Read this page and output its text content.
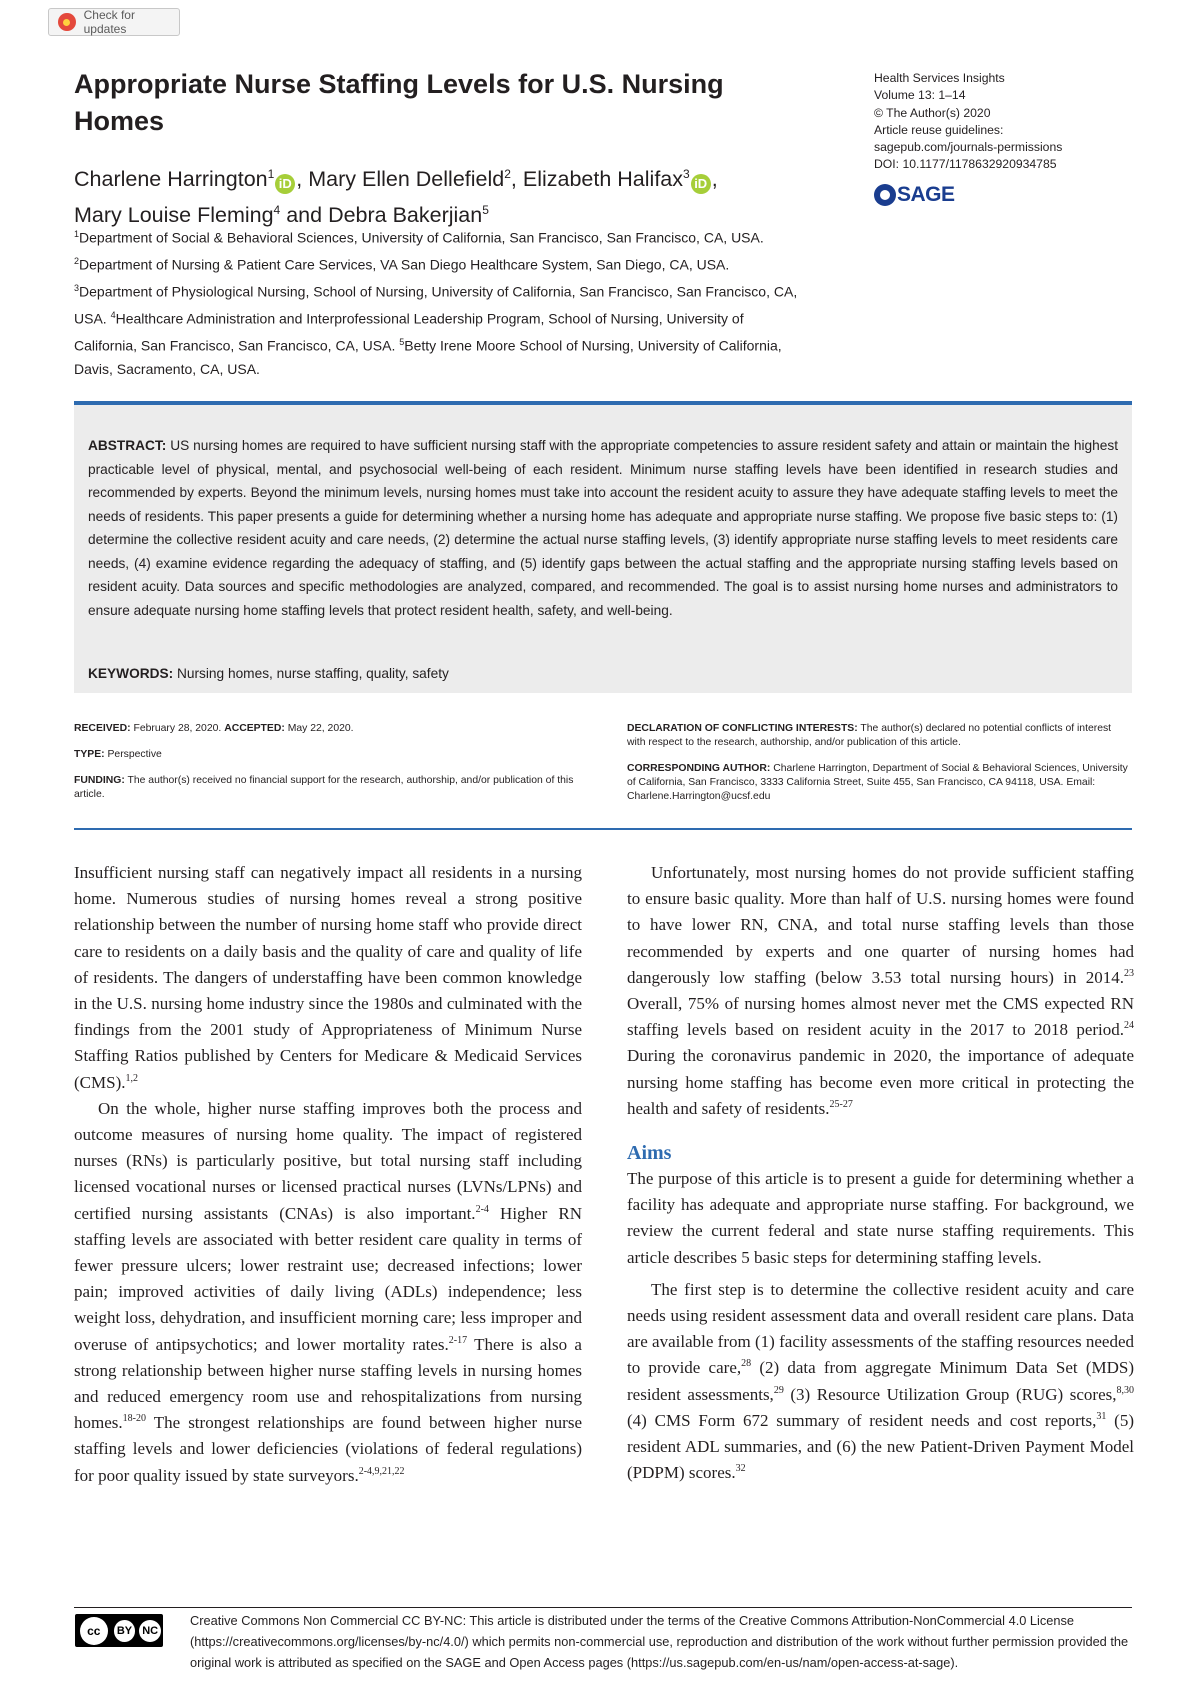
Check for updates
Appropriate Nurse Staffing Levels for U.S. Nursing Homes
Charlene Harrington$^1$iD , Mary Ellen Dellefield$^2$, Elizabeth Halifax$^3$iD ,
Mary Louise Fleming$^4$ and Debra Bakerjian$^5$
$^1$Department of Social & Behavioral Sciences, University of California, San Francisco, San Francisco, CA, USA. $^2$Department of Nursing & Patient Care Services, VA San Diego Healthcare System, San Diego, CA, USA. $^3$Department of Physiological Nursing, School of Nursing, University of California, San Francisco, San Francisco, CA, USA. $^4$Healthcare Administration and Interprofessional Leadership Program, School of Nursing, University of California, San Francisco, San Francisco, CA, USA. $^5$Betty Irene Moore School of Nursing, University of California, Davis, Sacramento, CA, USA.
Health Services Insights
Volume 13: 1–14
© The Author(s) 2020
Article reuse guidelines:
sagepub.com/journals-permissions
DOI: 10.1177/1178632920934785
SAGE
ABSTRACT: US nursing homes are required to have sufficient nursing staff with the appropriate competencies to assure resident safety and attain or maintain the highest practicable level of physical, mental, and psychosocial well-being of each resident. Minimum nurse staffing levels have been identified in research studies and recommended by experts. Beyond the minimum levels, nursing homes must take into account the resident acuity to assure they have adequate staffing levels to meet the needs of residents. This paper presents a guide for determining whether a nursing home has adequate and appropriate nurse staffing. We propose five basic steps to: (1) determine the collective resident acuity and care needs, (2) determine the actual nurse staffing levels, (3) identify appropriate nurse staffing levels to meet residents care needs, (4) examine evidence regarding the adequacy of staffing, and (5) identify gaps between the actual staffing and the appropriate nursing staffing levels based on resident acuity. Data sources and specific methodologies are analyzed, compared, and recommended. The goal is to assist nursing home nurses and administrators to ensure adequate nursing home staffing levels that protect resident health, safety, and well-being.
KEYWORDS: Nursing homes, nurse staffing, quality, safety
RECEIVED: February 28, 2020. ACCEPTED: May 22, 2020.
TYPE: Perspective
FUNDING: The author(s) received no financial support for the research, authorship, and/or publication of this article.
DECLARATION OF CONFLICTING INTERESTS: The author(s) declared no potential conflicts of interest with respect to the research, authorship, and/or publication of this article.
CORRESPONDING AUTHOR: Charlene Harrington, Department of Social & Behavioral Sciences, University of California, San Francisco, 3333 California Street, Suite 455, San Francisco, CA 94118, USA. Email: Charlene.Harrington@ucsf.edu

Insufficient nursing staff can negatively impact all residents in a nursing home. Numerous studies of nursing homes reveal a strong positive relationship between the number of nursing home staff who provide direct care to residents on a daily basis and the quality of care and quality of life of residents. The dangers of understaffing have been common knowledge in the U.S. nursing home industry since the 1980s and culminated with the findings from the 2001 study of Appropriateness of Minimum Nurse Staffing Ratios published by Centers for Medicare & Medicaid Services (CMS).$^{1,2}$

On the whole, higher nurse staffing improves both the process and outcome measures of nursing home quality. The impact of registered nurses (RNs) is particularly positive, but total nursing staff including licensed vocational nurses or licensed practical nurses (LVNs/LPNs) and certified nursing assistants (CNAs) is also important.$^{2-4}$ Higher RN staffing levels are associated with better resident care quality in terms of fewer pressure ulcers; lower restraint use; decreased infections; lower pain; improved activities of daily living (ADLs) independence; less weight loss, dehydration, and insufficient morning care; less improper and overuse of antipsychotics; and lower mortality rates.$^{2-17}$ There is also a strong relationship between higher nurse staffing levels in nursing homes and reduced emergency room use and rehospitalizations from nursing homes.$^{18-20}$ The strongest relationships are found between higher nurse staffing levels and lower deficiencies (violations of federal regulations) for poor quality issued by state surveyors.$^{2-4,9,21,22}$

Unfortunately, most nursing homes do not provide sufficient staffing to ensure basic quality. More than half of U.S. nursing homes were found to have lower RN, CNA, and total nurse staffing levels than those recommended by experts and one quarter of nursing homes had dangerously low staffing (below 3.53 total nursing hours) in 2014.23 Overall, 75% of nursing homes almost never met the CMS expected RN staffing levels based on resident acuity in the 2017 to 2018 period.$^{24}$ During the coronavirus pandemic in 2020, the importance of adequate nursing home staffing has become even more critical in protecting the health and safety of residents.$^{25-27}$

Aims

The purpose of this article is to present a guide for determining whether a facility has adequate and appropriate nurse staffing. For background, we review the current federal and state nurse staffing requirements. This article describes 5 basic steps for determining staffing levels.

The first step is to determine the collective resident acuity and care needs using resident assessment data and overall resident care plans. Data are available from (1) facility assessments of the staffing resources needed to provide care,$^{28}$ (2) data from aggregate Minimum Data Set (MDS) resident assessments,$^{29}$ (3) Resource Utilization Group (RUG) scores,$^{8,30}$ (4) CMS Form 672 summary of resident needs and cost reports,$^{31}$ (5) resident ADL summaries, and (6) the new Patient-Driven Payment Model (PDPM) scores.$^{32}$

Creative Commons Non Commercial CC BY-NC: This article is distributed under the terms of the Creative Commons Attribution-NonCommercial 4.0 License (https://creativecommons.org/licenses/by-nc/4.0/) which permits non-commercial use, reproduction and distribution of the work without further permission provided the original work is attributed as specified on the SAGE and Open Access pages (https://us.sagepub.com/en-us/nam/open-access-at-sage).
cc	BY NC
